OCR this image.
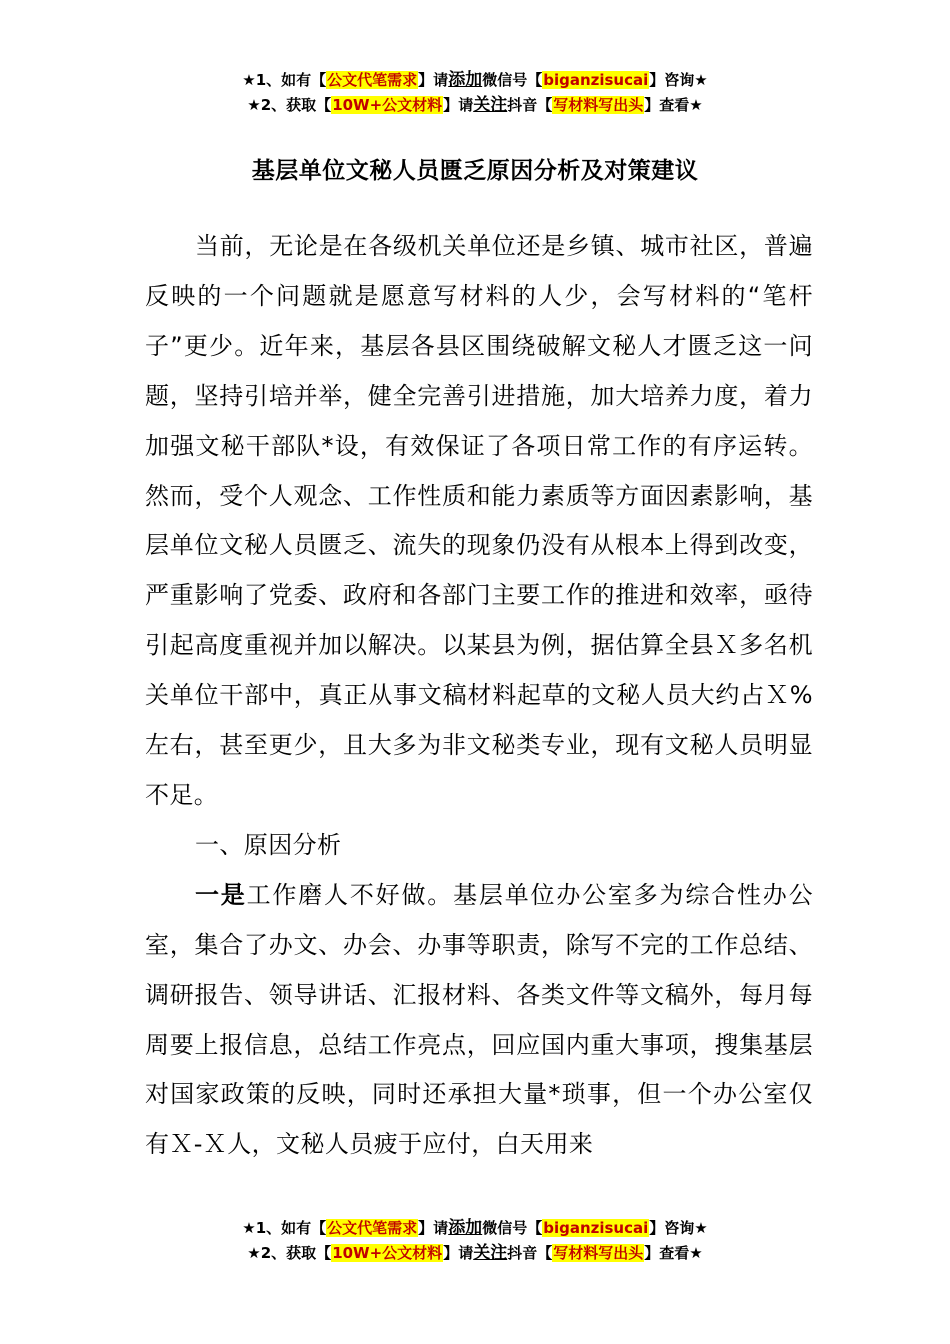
★1、如有【公文代笔需求】请添加微信号【biganzisucai】咨询★
★2、获取【10W+公文材料】请关注抖音【写材料写出头】查看★
基层单位文秘人员匮乏原因分析及对策建议

当前，无论是在各级机关单位还是乡镇、城市社区，普遍反映的一个问题就是愿意写材料的人少，会写材料的“笔杆子”更少。近年来，基层各县区围绕破解文秘人才匮乏这一问题，坚持引培并举，健全完善引进措施，加大培养力度，着力加强文秘干部队*设，有效保证了各项日常工作的有序运转。然而，受个人观念、工作性质和能力素质等方面因素影响，基层单位文秘人员匮乏、流失的现象仍没有从根本上得到改变，严重影响了党委、政府和各部门主要工作的推进和效率，亟待引起高度重视并加以解决。以某县为例，据估算全县Ｘ多名机关单位干部中，真正从事文稿材料起草的文秘人员大约占Ｘ%左右，甚至更少，且大多为非文秘类专业，现有文秘人员明显不足。

一、原因分析

一是工作磨人不好做。基层单位办公室多为综合性办公室，集合了办文、办会、办事等职责，除写不完的工作总结、调研报告、领导讲话、汇报材料、各类文件等文稿外，每月每周要上报信息，总结工作亮点，回应国内重大事项，搜集基层对国家政策的反映，同时还承担大量*琐事，但一个办公室仅有Ｘ-Ｘ人，文秘人员疲于应付，白天用来

★1、如有【公文代笔需求】请添加微信号【biganzisucai】咨询★
★2、获取【10W+公文材料】请关注抖音【写材料写出头】查看★
